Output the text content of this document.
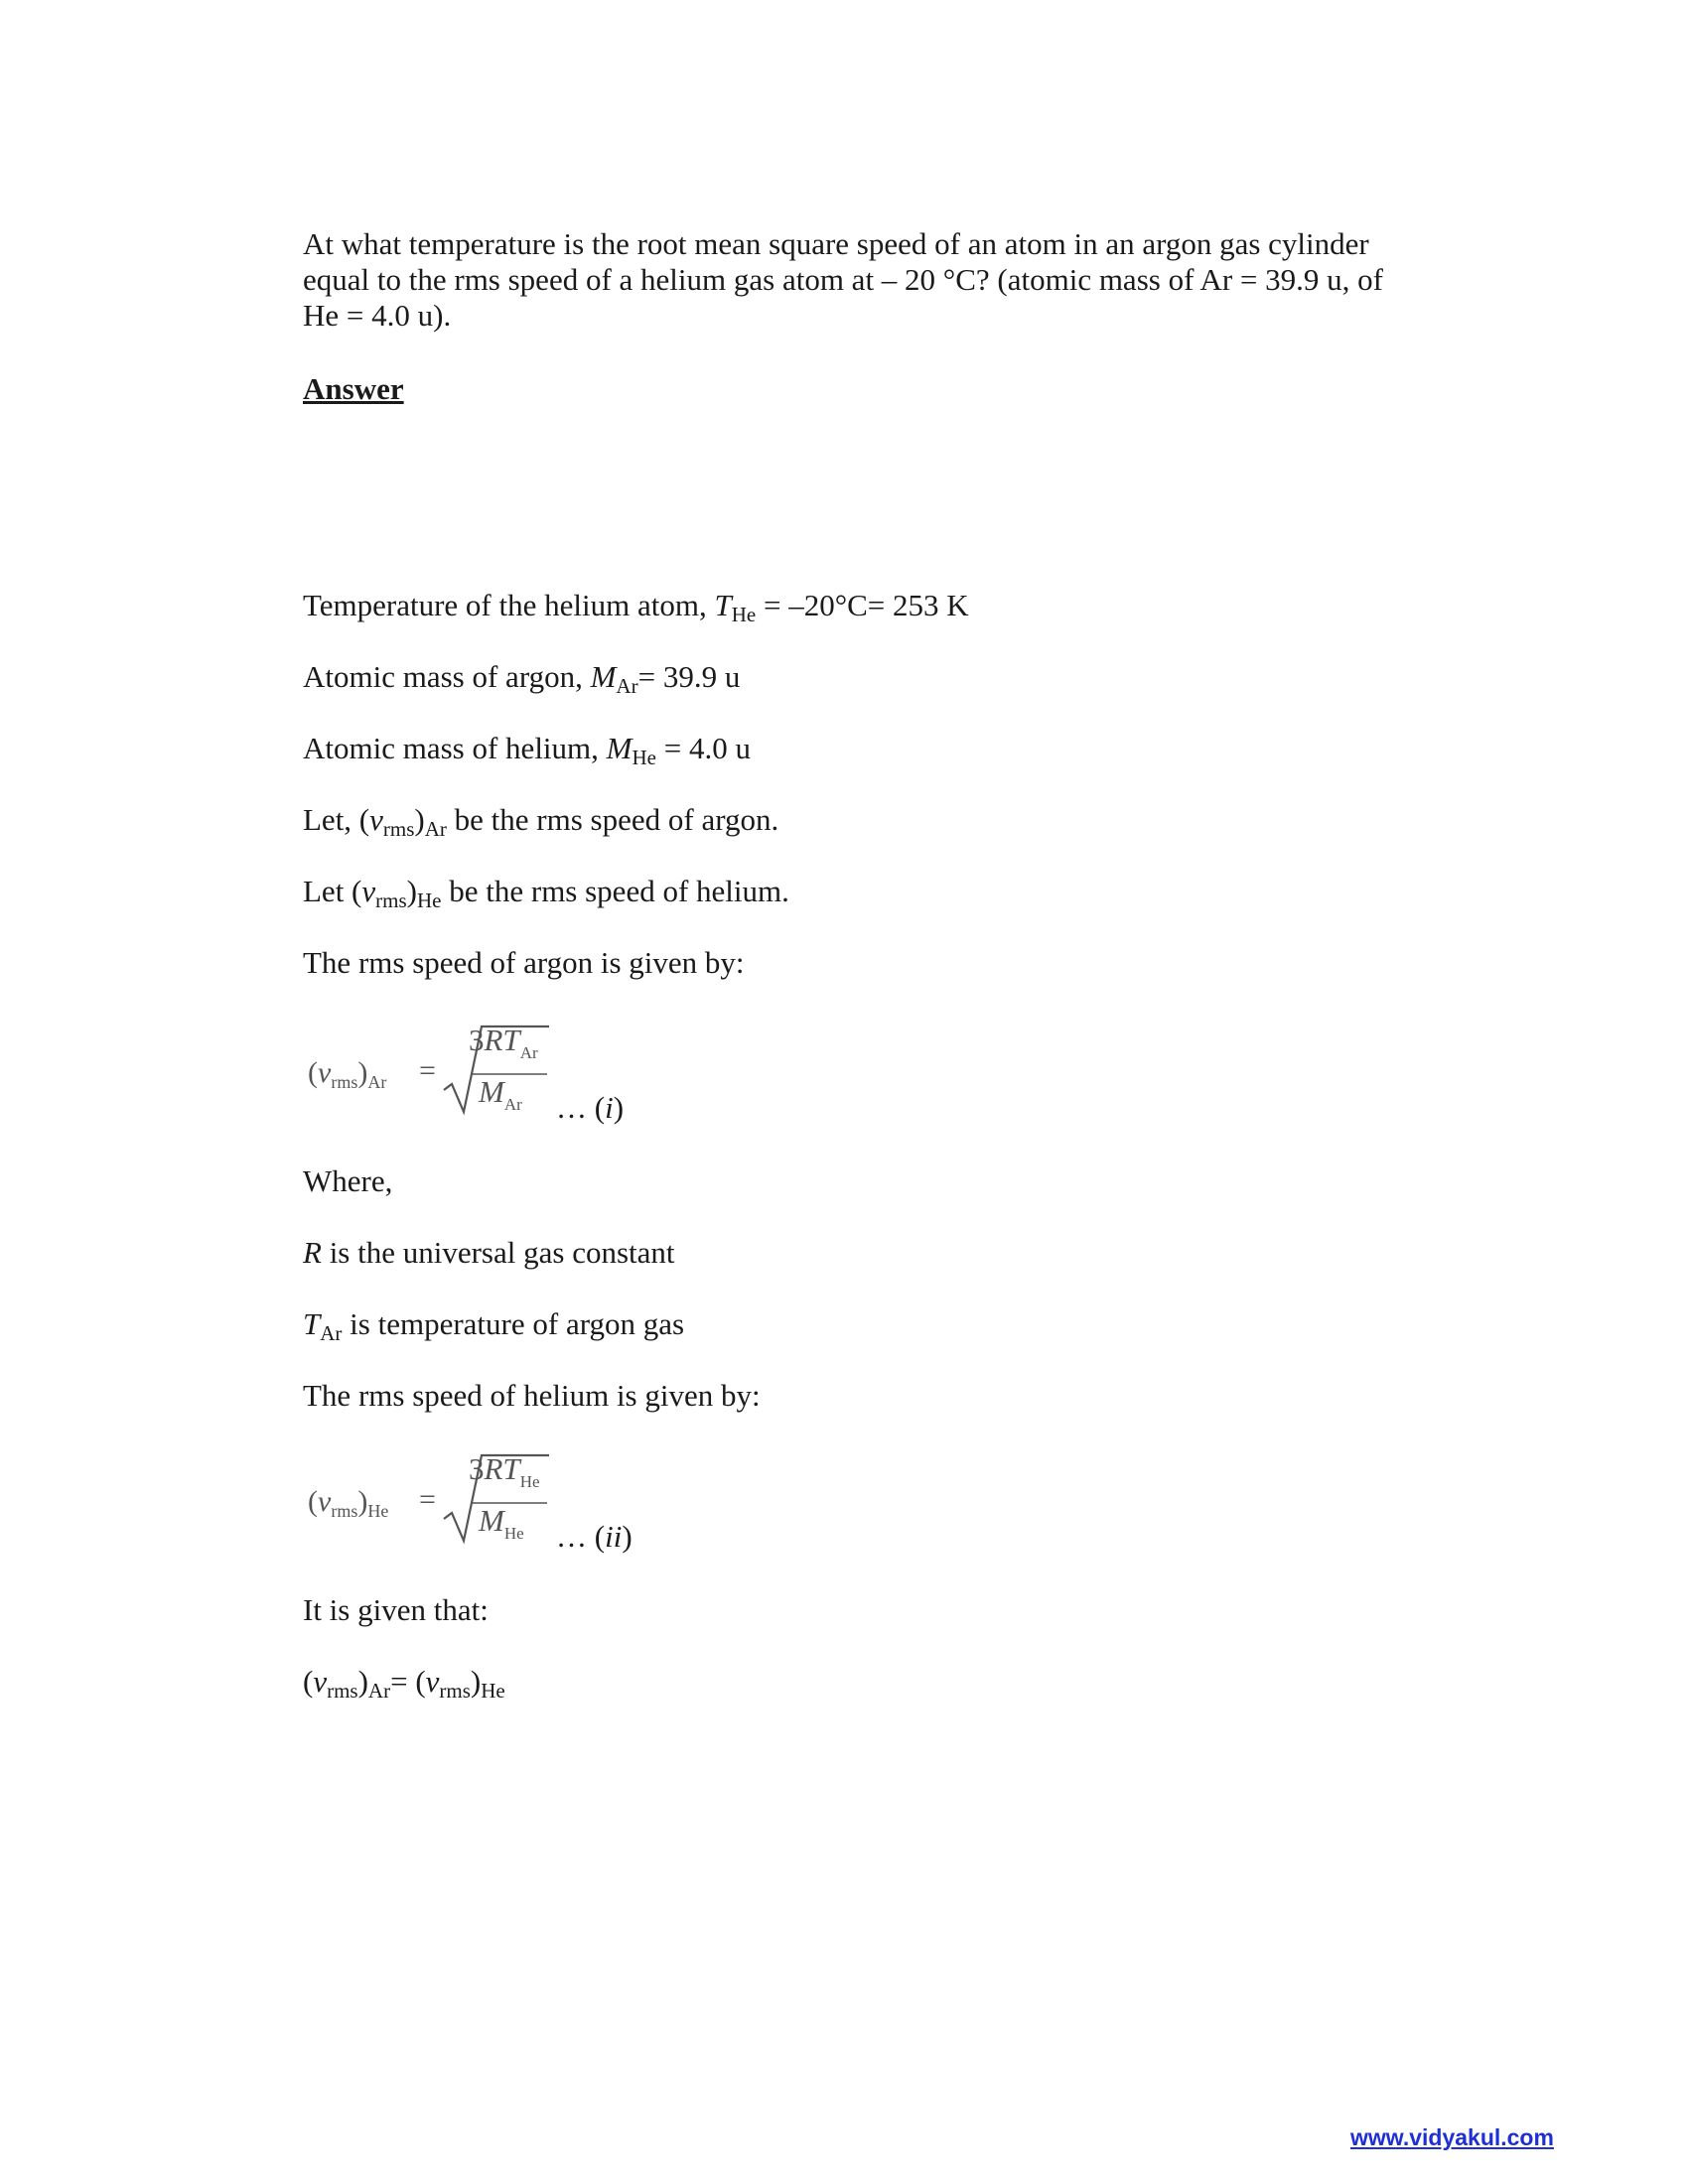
At what temperature is the root mean square speed of an atom in an argon gas cylinder
equal to the rms speed of a helium gas atom at – 20 °C? (atomic mass of Ar = 39.9 u, of
He = 4.0 u).
Answer
Temperature of the helium atom, $T_{He} = -20^\circ C= 253$ K
Atomic mass of argon, $M_{Ar}= 39.9$ u
Atomic mass of helium, $M_{He} = 4.0$ u
Let, $(v_{rms})_{Ar}$ be the rms speed of argon.
Let $(v_{rms})_{He}$ be the rms speed of helium.
The rms speed of argon is given by:
$(v_{rms})_{Ar}$ =
$3RT_{Ar}$
$M_{Ar}$ … (i)
Where,
R is the universal gas constant
$T_{Ar}$ is temperature of argon gas
The rms speed of helium is given by:
$(v_{rms})_{He}$ =
$3RT_{He}$
$M_{He}$ … (ii)
It is given that:
$(v_{rms})_{Ar}= (v_{rms})_{He}$
www.vidyakul.com
